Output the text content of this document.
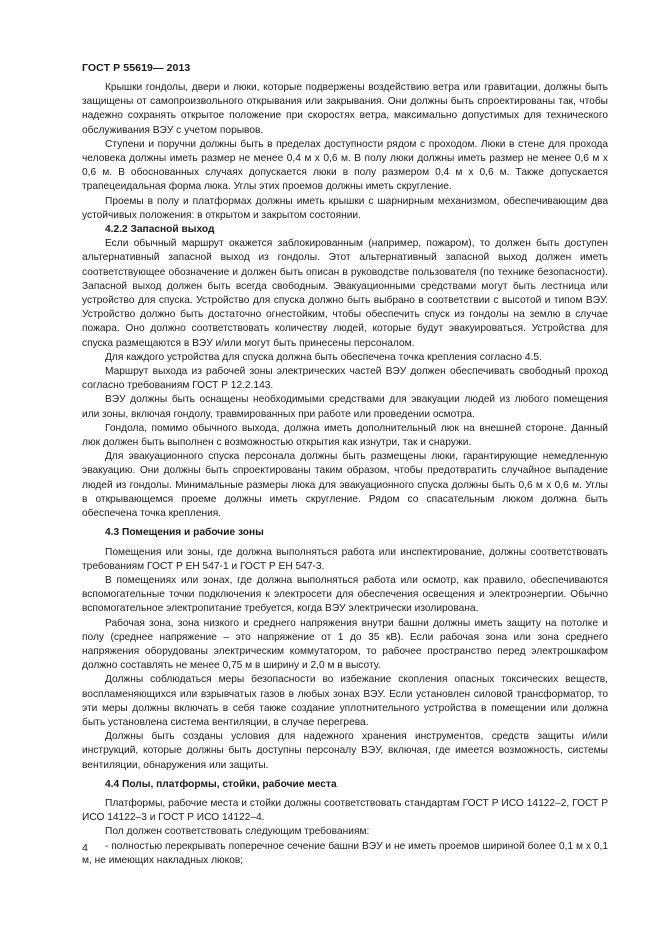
ГОСТ Р 55619— 2013

Крышки гондолы, двери и люки, которые подвержены воздействию ветра или гравитации, должны быть защищены от самопроизвольного открывания или закрывания. Они должны быть спроектированы так, чтобы надежно сохранять открытое положение при скоростях ветра, максимально допустимых для технического обслуживания ВЭУ с учетом порывов.

Ступени и поручни должны быть в пределах доступности рядом с проходом. Люки в стене для прохода человека должны иметь размер не менее 0,4 м х 0,6 м. В полу люки должны иметь размер не менее 0,6 м х 0,6 м. В обоснованных случаях допускается люки в полу размером 0,4 м х 0,6 м. Также допускается трапецеидальная форма люка. Углы этих проемов должны иметь скругление.

Проемы в полу и платформах должны иметь крышки с шарнирным механизмом, обеспечивающим два устойчивых положения: в открытом и закрытом состоянии.

4.2.2 Запасной выход

Если обычный маршрут окажется заблокированным (например, пожаром), то должен быть доступен альтернативный запасной выход из гондолы. Этот альтернативный запасной выход должен иметь соответствующее обозначение и должен быть описан в руководстве пользователя (по технике безопасности). Запасной выход должен быть всегда свободным. Эвакуационными средствами могут быть лестница или устройство для спуска. Устройство для спуска должно быть выбрано в соответствии с высотой и типом ВЭУ. Устройство должно быть достаточно огнестойким, чтобы обеспечить спуск из гондолы на землю в случае пожара. Оно должно соответствовать количеству людей, которые будут эвакуироваться. Устройства для спуска размещаются в ВЭУ и/или могут быть принесены персоналом.

Для каждого устройства для спуска должна быть обеспечена точка крепления согласно 4.5.

Маршрут выхода из рабочей зоны электрических частей ВЭУ должен обеспечивать свободный проход согласно требованиям ГОСТ Р 12.2.143.

ВЭУ должны быть оснащены необходимыми средствами для эвакуации людей из любого помещения или зоны, включая гондолу, травмированных при работе или проведении осмотра.

Гондола, помимо обычного выхода, должна иметь дополнительный люк на внешней стороне. Данный люк должен быть выполнен с возможностью открытия как изнутри, так и снаружи.

Для эвакуационного спуска персонала должны быть размещены люки, гарантирующие немедленную эвакуацию. Они должны быть спроектированы таким образом, чтобы предотвратить случайное выпадение людей из гондолы. Минимальные размеры люка для эвакуационного спуска должны быть 0,6 м х 0,6 м. Углы в открывающемся проеме должны иметь скругление. Рядом со спасательным люком должна быть обеспечена точка крепления.

4.3 Помещения и рабочие зоны

Помещения или зоны, где должна выполняться работа или инспектирование, должны соответствовать требованиям ГОСТ Р ЕН 547-1 и ГОСТ Р ЕН 547-3.

В помещениях или зонах, где должна выполняться работа или осмотр, как правило, обеспечиваются вспомогательные точки подключения к электросети для обеспечения освещения и электроэнергии. Обычно вспомогательное электропитание требуется, когда ВЭУ электрически изолирована.

Рабочая зона, зона низкого и среднего напряжения внутри башни должны иметь защиту на потолке и полу (среднее напряжение – это напряжение от 1 до 35 кВ). Если рабочая зона или зона среднего напряжения оборудованы электрическим коммутатором, то рабочее пространство перед электрошкафом должно составлять не менее 0,75 м в ширину и 2,0 м в высоту.

Должны соблюдаться меры безопасности во избежание скопления опасных токсических веществ, воспламеняющихся или взрывчатых газов в любых зонах ВЭУ. Если установлен силовой трансформатор, то эти меры должны включать в себя также создание уплотнительного устройства в помещении или должна быть установлена система вентиляции, в случае перегрева.

Должны быть созданы условия для надежного хранения инструментов, средств защиты и/или инструкций, которые должны быть доступны персоналу ВЭУ, включая, где имеется возможность, системы вентиляции, обнаружения или защиты.

4.4 Полы, платформы, стойки, рабочие места

Платформы, рабочие места и стойки должны соответствовать стандартам ГОСТ Р ИСО 14122–2, ГОСТ Р ИСО 14122–3 и ГОСТ Р ИСО 14122–4.

Пол должен соответствовать следующим требованиям:

- полностью перекрывать поперечное сечение башни ВЭУ и не иметь проемов шириной более 0,1 м х 0,1 м, не имеющих накладных люков;

4
